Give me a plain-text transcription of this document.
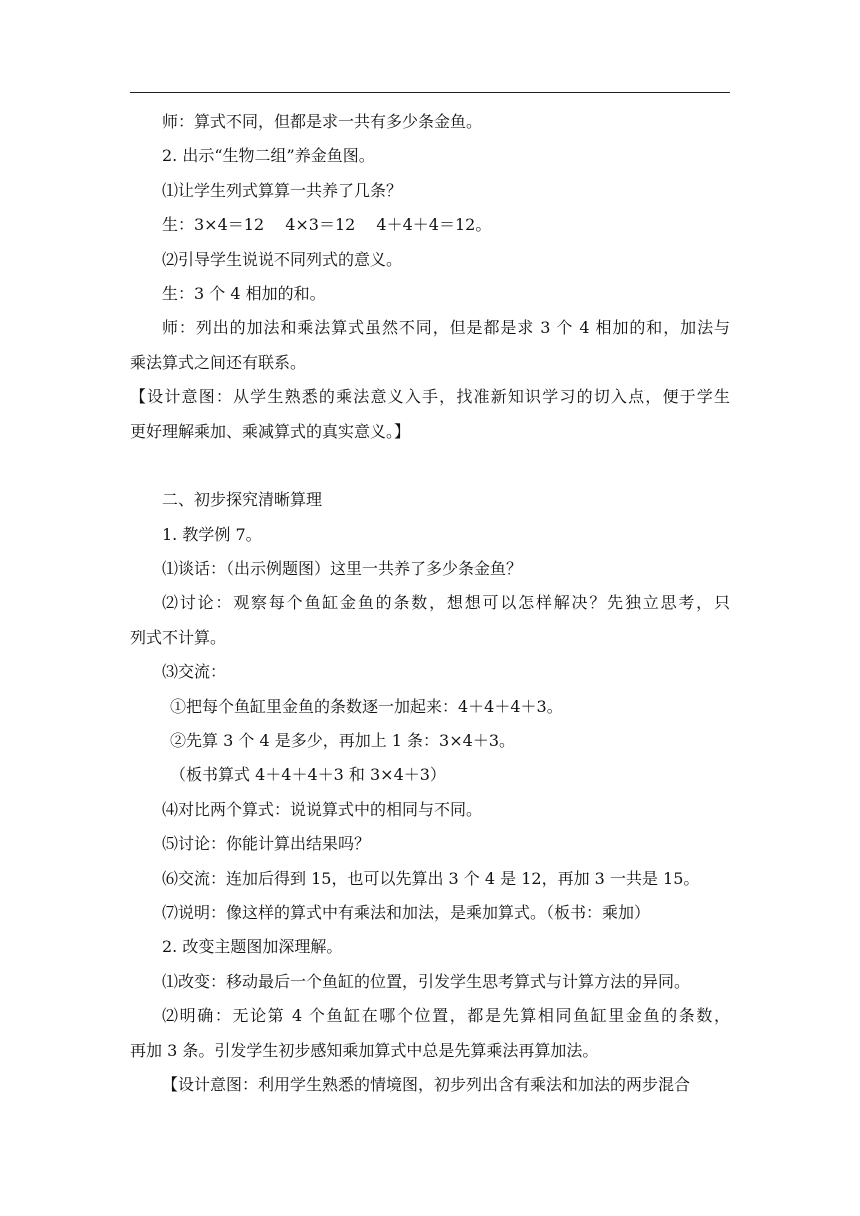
师：算式不同，但都是求一共有多少条金鱼。
2. 出示“生物二组”养金鱼图。
⑴让学生列式算算一共养了几条？
生：3×4＝12　 4×3＝12　 4＋4＋4＝12。
⑵引导学生说说不同列式的意义。
生：3 个 4 相加的和。
师：列出的加法和乘法算式虽然不同，但是都是求 3 个 4 相加的和，加法与
乘法算式之间还有联系。
【设计意图：从学生熟悉的乘法意义入手，找准新知识学习的切入点，便于学生
更好理解乘加、乘减算式的真实意义。】
二、初步探究清晰算理
1. 教学例 7。
⑴谈话：（出示例题图）这里一共养了多少条金鱼？
⑵讨论：观察每个鱼缸金鱼的条数，想想可以怎样解决？先独立思考，只
列式不计算。
⑶交流：
①把每个鱼缸里金鱼的条数逐一加起来：4＋4＋4＋3。
②先算 3 个 4 是多少，再加上 1 条：3×4＋3。
（板书算式 4＋4＋4＋3 和 3×4＋3）
⑷对比两个算式：说说算式中的相同与不同。
⑸讨论：你能计算出结果吗？
⑹交流：连加后得到 15，也可以先算出 3 个 4 是 12，再加 3 一共是 15。
⑺说明：像这样的算式中有乘法和加法，是乘加算式。（板书：乘加）
2. 改变主题图加深理解。
⑴改变：移动最后一个鱼缸的位置，引发学生思考算式与计算方法的异同。
⑵明确：无论第 4 个鱼缸在哪个位置，都是先算相同鱼缸里金鱼的条数，
再加 3 条。引发学生初步感知乘加算式中总是先算乘法再算加法。
【设计意图：利用学生熟悉的情境图，初步列出含有乘法和加法的两步混合
